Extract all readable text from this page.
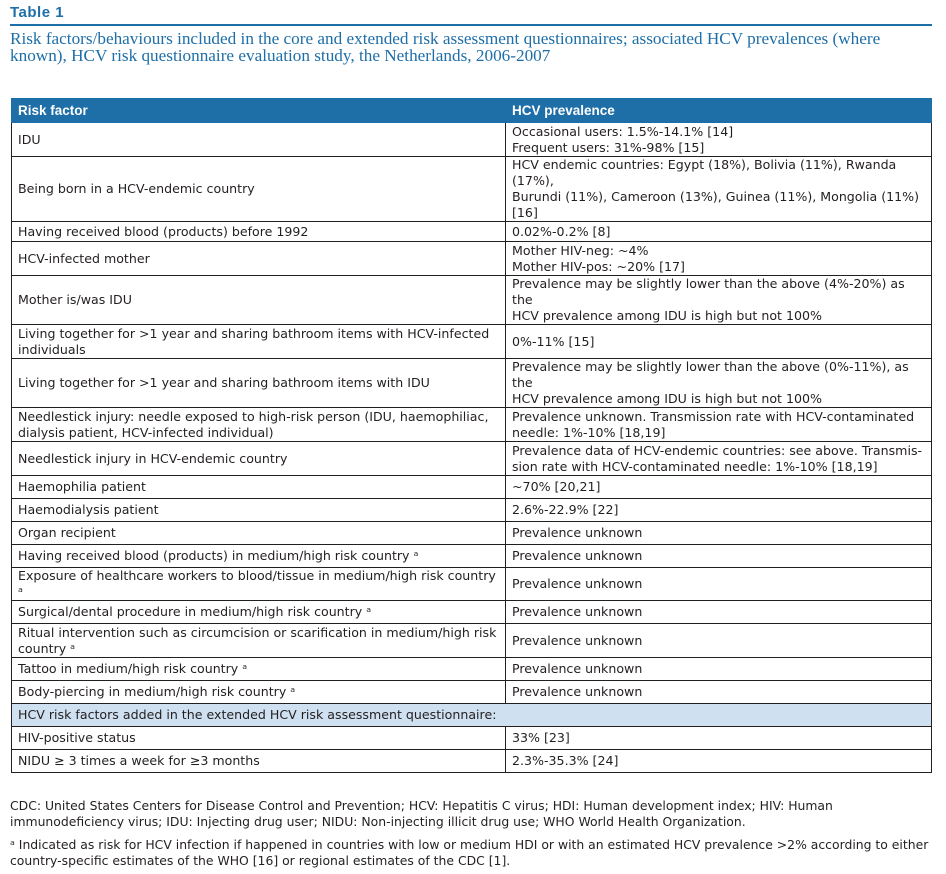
Table 1
Risk factors/behaviours included in the core and extended risk assessment questionnaires; associated HCV prevalences (where known), HCV risk questionnaire evaluation study, the Netherlands, 2006-2007
Risk factor	HCV prevalence
IDU	Occasional users: 1.5%-14.1% [14]
Frequent users: 31%-98% [15]
Being born in a HCV-endemic country	HCV endemic countries: Egypt (18%), Bolivia (11%), Rwanda (17%),
Burundi (11%), Cameroon (13%), Guinea (11%), Mongolia (11%)
[16]
Having received blood (products) before 1992	0.02%-0.2% [8]
HCV-infected mother	Mother HIV-neg: ~4%
Mother HIV-pos: ~20% [17]
Mother is/was IDU	Prevalence may be slightly lower than the above (4%-20%) as the
HCV prevalence among IDU is high but not 100%
Living together for >1 year and sharing bathroom items with HCV-infected
individuals	0%-11% [15]
Living together for >1 year and sharing bathroom items with IDU	Prevalence may be slightly lower than the above (0%-11%), as the
HCV prevalence among IDU is high but not 100%
Needlestick injury: needle exposed to high-risk person (IDU, haemophiliac,
dialysis patient, HCV-infected individual)	Prevalence unknown. Transmission rate with HCV-contaminated
needle: 1%-10% [18,19]
Needlestick injury in HCV-endemic country	Prevalence data of HCV-endemic countries: see above. Transmis-
sion rate with HCV-contaminated needle: 1%-10% [18,19]
Haemophilia patient	~70% [20,21]
Haemodialysis patient	2.6%-22.9% [22]
Organ recipient	Prevalence unknown
Having received blood (products) in medium/high risk country ᵃ	Prevalence unknown
Exposure of healthcare workers to blood/tissue in medium/high risk country ᵃ	Prevalence unknown
Surgical/dental procedure in medium/high risk country ᵃ	Prevalence unknown
Ritual intervention such as circumcision or scarification in medium/high risk
country ᵃ	Prevalence unknown
Tattoo in medium/high risk country ᵃ	Prevalence unknown
Body-piercing in medium/high risk country ᵃ	Prevalence unknown
HCV risk factors added in the extended HCV risk assessment questionnaire:	
HIV-positive status	33% [23]
NIDU ≥ 3 times a week for ≥3 months	2.3%-35.3% [24]
CDC: United States Centers for Disease Control and Prevention; HCV: Hepatitis C virus; HDI: Human development index; HIV: Human immunodeficiency virus; IDU: Injecting drug user; NIDU: Non-injecting illicit drug use; WHO World Health Organization.
ᵃ Indicated as risk for HCV infection if happened in countries with low or medium HDI or with an estimated HCV prevalence >2% according to either country-specific estimates of the WHO [16] or regional estimates of the CDC [1].
